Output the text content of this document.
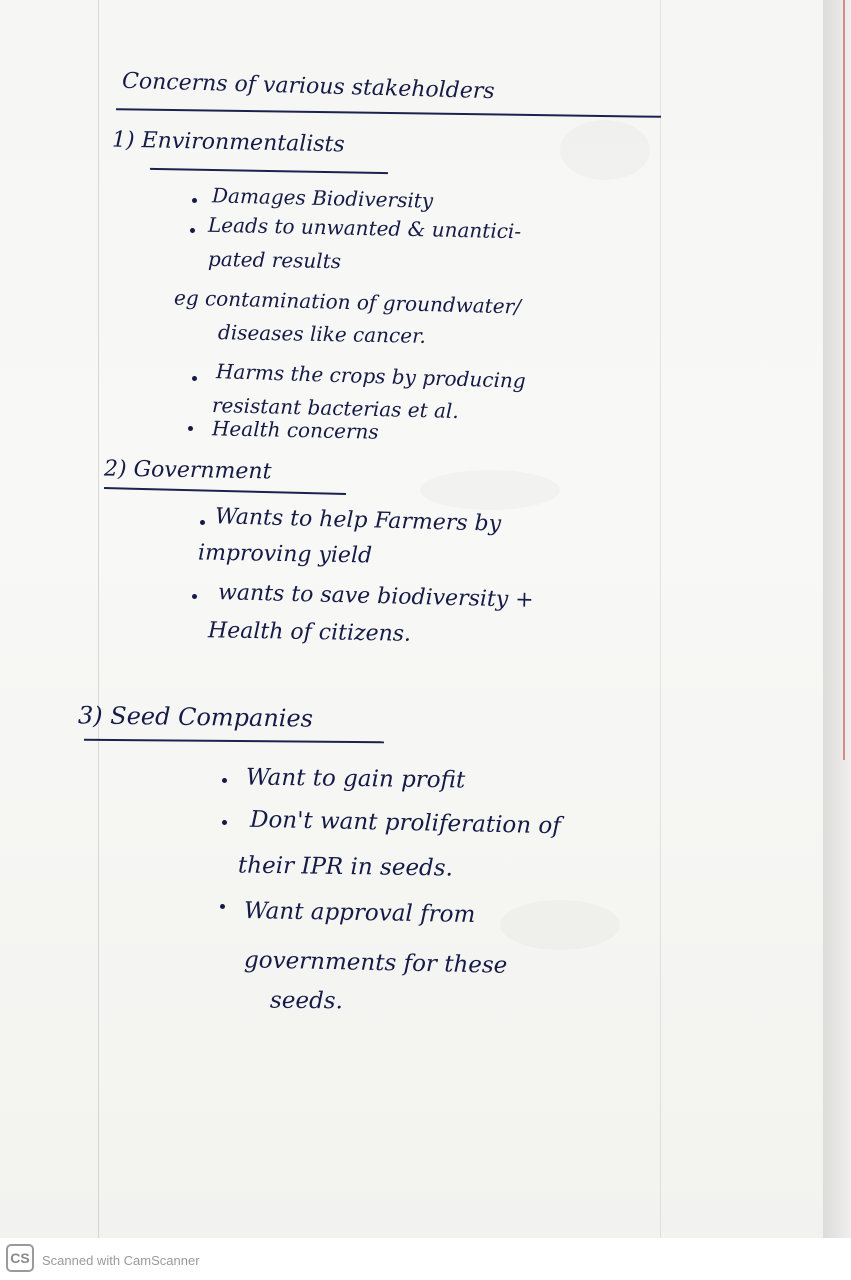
Concerns of various stakeholders

1) Environmentalists

Damages Biodiversity

Leads to unwanted & unantici-

pated results

eg contamination of groundwater/

diseases like cancer.

Harms the crops by producing

resistant bacterias et al.

Health concerns

2) Government

Wants to help Farmers by

improving yield

wants to save biodiversity +

Health of citizens.

3) Seed Companies

Want to gain profit

Don't want proliferation of

their IPR in seeds.

Want approval from

governments for these

seeds.

CS Scanned with CamScanner
